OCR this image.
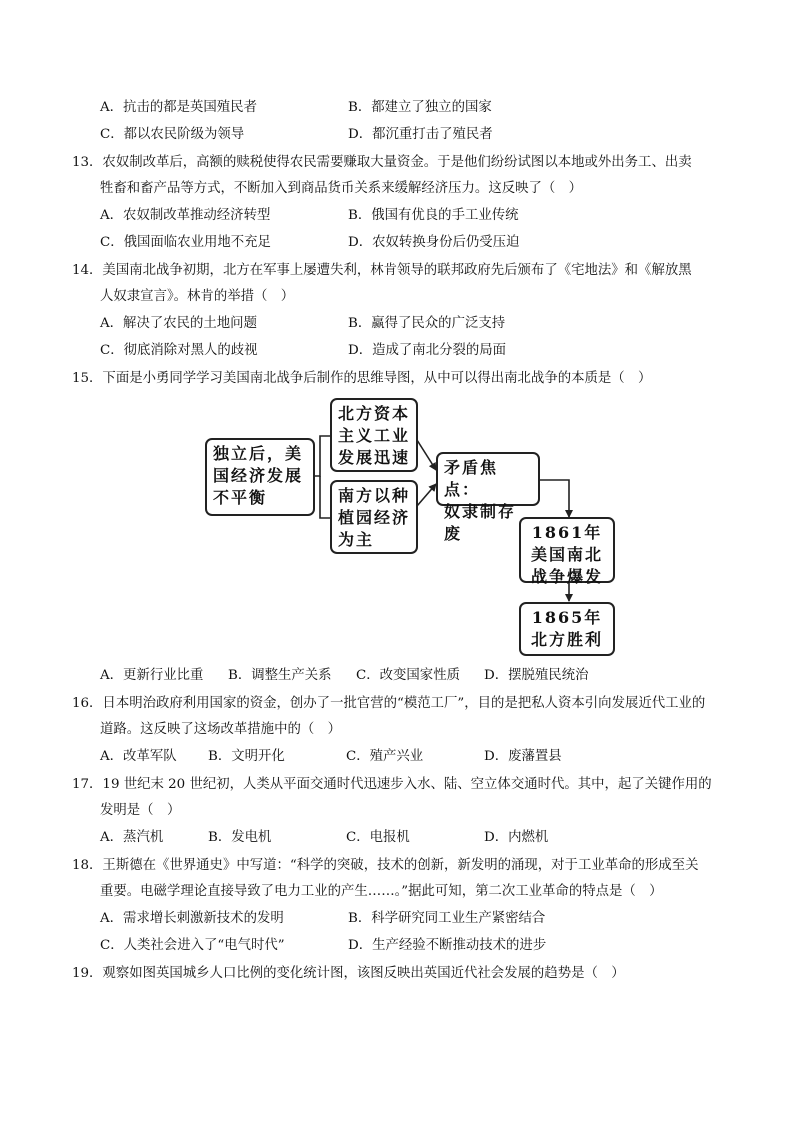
A．抗击的都是英国殖民者	B．都建立了独立的国家
C．都以农民阶级为领导	D．都沉重打击了殖民者
13．农奴制改革后，高额的赎税使得农民需要赚取大量资金。于是他们纷纷试图以本地或外出务工、出卖
牲畜和畜产品等方式，不断加入到商品货币关系来缓解经济压力。这反映了（　）
A．农奴制改革推动经济转型	B．俄国有优良的手工业传统
C．俄国面临农业用地不充足	D．农奴转换身份后仍受压迫
14．美国南北战争初期，北方在军事上屡遭失利，林肯领导的联邦政府先后颁布了《宅地法》和《解放黑
人奴隶宣言》。林肯的举措（　）
A．解决了农民的土地问题	B．赢得了民众的广泛支持
C．彻底消除对黑人的歧视	D．造成了南北分裂的局面
15．下面是小勇同学学习美国南北战争后制作的思维导图，从中可以得出南北战争的本质是（　）
独立后，美
国经济发展
不平衡
北方资本
主义工业
发展迅速
南方以种
植园经济
为主
矛盾焦点：
奴隶制存废	1861年
美国南北
战争爆发
1865年
北方胜利
A．更新行业比重 B．调整生产关系 C．改变国家性质 D．摆脱殖民统治
16．日本明治政府利用国家的资金，创办了一批官营的“模范工厂”，目的是把私人资本引向发展近代工业的
道路。这反映了这场改革措施中的（　）
A．改革军队 B．文明开化	C．殖产兴业	D．废藩置县
17．19 世纪末 20 世纪初，人类从平面交通时代迅速步入水、陆、空立体交通时代。其中，起了关键作用的
发明是（　）
A．蒸汽机	B．发电机	C．电报机	D．内燃机
18．王斯德在《世界通史》中写道：“科学的突破，技术的创新，新发明的涌现，对于工业革命的形成至关
重要。电磁学理论直接导致了电力工业的产生……。”据此可知，第二次工业革命的特点是（　）
A．需求增长刺激新技术的发明	B．科学研究同工业生产紧密结合
C．人类社会进入了“电气时代”	D．生产经验不断推动技术的进步
19．观察如图英国城乡人口比例的变化统计图，该图反映出英国近代社会发展的趋势是（　）
